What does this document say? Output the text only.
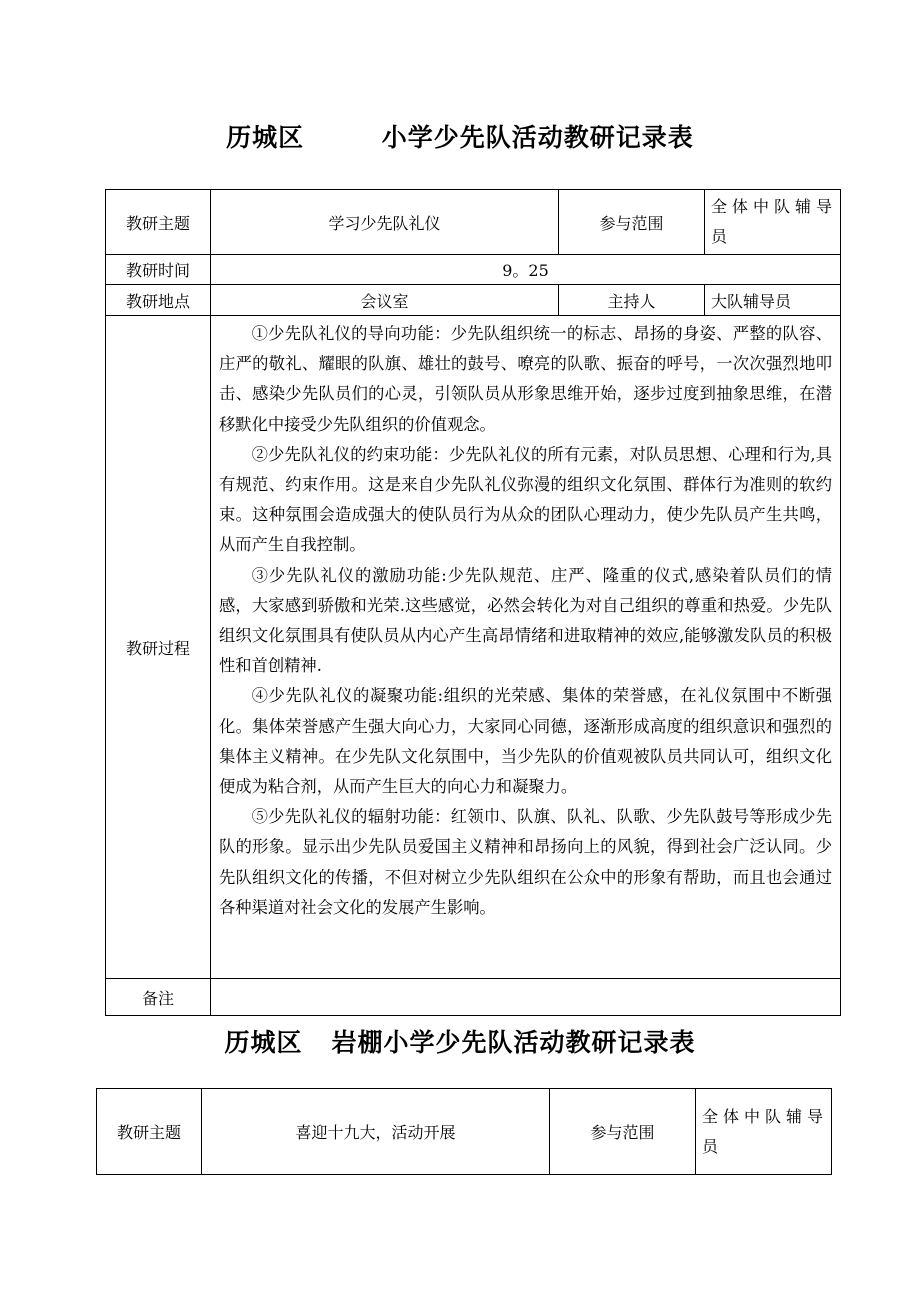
历城区        小学少先队活动教研记录表
教研主题	学习少先队礼仪	参与范围	全体中队辅导员
教研时间	9。25		
教研地点	会议室	主持人	大队辅导员
教研过程	①少先队礼仪的导向功能：少先队组织统一的标志、昂扬的身姿、严整的队容、庄严的敬礼、耀眼的队旗、雄壮的鼓号、嘹亮的队歌、振奋的呼号，一次次强烈地叩击、感染少先队员们的心灵，引领队员从形象思维开始，逐步过度到抽象思维，在潜移默化中接受少先队组织的价值观念。

②少先队礼仪的约束功能：少先队礼仪的所有元素，对队员思想、心理和行为,具有规范、约束作用。这是来自少先队礼仪弥漫的组织文化氛围、群体行为准则的软约束。这种氛围会造成强大的使队员行为从众的团队心理动力，使少先队员产生共鸣，从而产生自我控制。

③少先队礼仪的激励功能:少先队规范、庄严、隆重的仪式,感染着队员们的情感，大家感到骄傲和光荣.这些感觉，必然会转化为对自己组织的尊重和热爱。少先队组织文化氛围具有使队员从内心产生高昂情绪和进取精神的效应,能够激发队员的积极性和首创精神.

④少先队礼仪的凝聚功能:组织的光荣感、集体的荣誉感，在礼仪氛围中不断强化。集体荣誉感产生强大向心力，大家同心同德，逐渐形成高度的组织意识和强烈的集体主义精神。在少先队文化氛围中，当少先队的价值观被队员共同认可，组织文化便成为粘合剂，从而产生巨大的向心力和凝聚力。

⑤少先队礼仪的辐射功能：红领巾、队旗、队礼、队歌、少先队鼓号等形成少先队的形象。显示出少先队员爱国主义精神和昂扬向上的风貌，得到社会广泛认同。少先队组织文化的传播，不但对树立少先队组织在公众中的形象有帮助，而且也会通过各种渠道对社会文化的发展产生影响。		

备注			
历城区   岩棚小学少先队活动教研记录表
教研主题	喜迎十九大，活动开展	参与范围	全体中队辅导员
